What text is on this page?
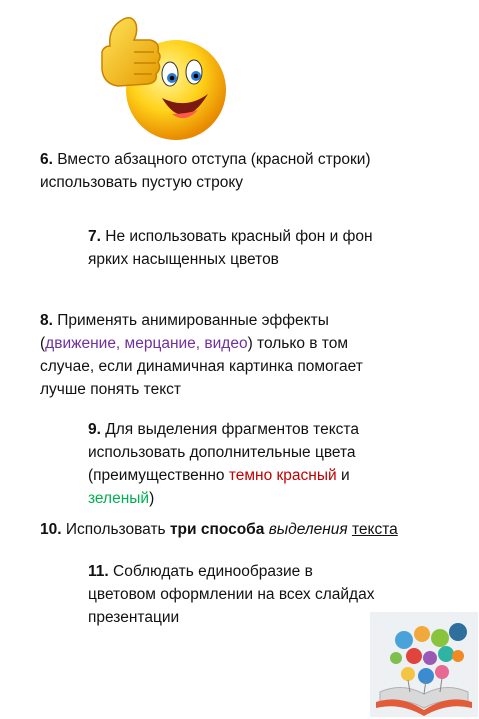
6. Вместо абзацного отступа (красной строки)
использовать пустую строку

7. Не использовать красный фон и фон
ярких насыщенных цветов

8. Применять анимированные эффекты
(движение, мерцание, видео) только в том
случае, если динамичная картинка помогает
лучше понять текст

9. Для выделения фрагментов текста
использовать дополнительные цвета
(преимущественно темно красный и
зеленый)

10. Использовать три способа выделения текста

11. Соблюдать единообразие в
цветовом оформлении на всех слайдах
презентации
